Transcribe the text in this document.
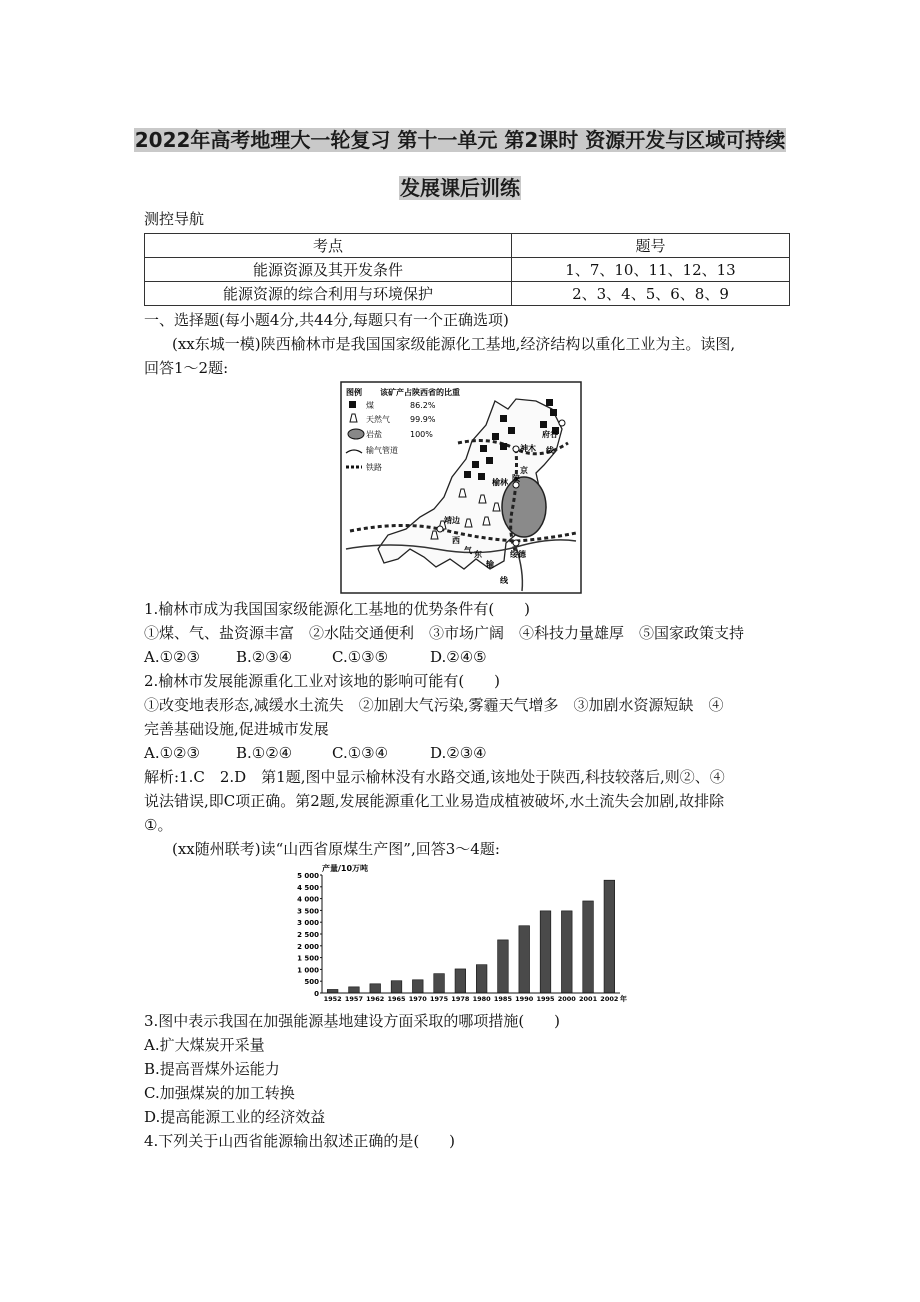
2022年高考地理大一轮复习 第十一单元 第2课时 资源开发与区域可持续
发展课后训练
测控导航
考点	题号
能源资源及其开发条件	1、7、10、11、12、13
能源资源的综合利用与环境保护	2、3、4、5、6、8、9
一、选择题(每小题4分,共44分,每题只有一个正确选项)
(xx东城一模)陕西榆林市是我国国家级能源化工基地,经济结构以重化工业为主。读图,
回答1～2题:
图例 该矿产占陕西省的比重
煤	86.2%
天然气	99.9%
岩盐	100%
输气管道
铁路
府谷
神木 线
京
榆林 陕
靖边
西
气 东
输
线
绥德
1.榆林市成为我国国家级能源化工基地的优势条件有(　　)
①煤、气、盐资源丰富　②水陆交通便利　③市场广阔　④科技力量雄厚　⑤国家政策支持
A.①②③ B.②③④	C.①③⑤	D.②④⑤
2.榆林市发展能源重化工业对该地的影响可能有(　　)
①改变地表形态,减缓水土流失　②加剧大气污染,雾霾天气增多　③加剧水资源短缺　④
完善基础设施,促进城市发展
A.①②③ B.①②④	C.①③④	D.②③④
解析:1.C　2.D　第1题,图中显示榆林没有水路交通,该地处于陕西,科技较落后,则②、④
说法错误,即C项正确。第2题,发展能源重化工业易造成植被破坏,水土流失会加剧,故排除
①。
(xx随州联考)读“山西省原煤生产图”,回答3～4题:
产量/10万吨
0
500
1 000
1 500
2 000
2 500
3 000
3 500
4 000
4 500
5 000
1952 1957 1962 1965 1970 1975 1978 1980 1985 1990 1995 2000 2001 2002 年
3.图中表示我国在加强能源基地建设方面采取的哪项措施(　　)
A.扩大煤炭开采量
B.提高晋煤外运能力
C.加强煤炭的加工转换
D.提高能源工业的经济效益
4.下列关于山西省能源输出叙述正确的是(　　)
